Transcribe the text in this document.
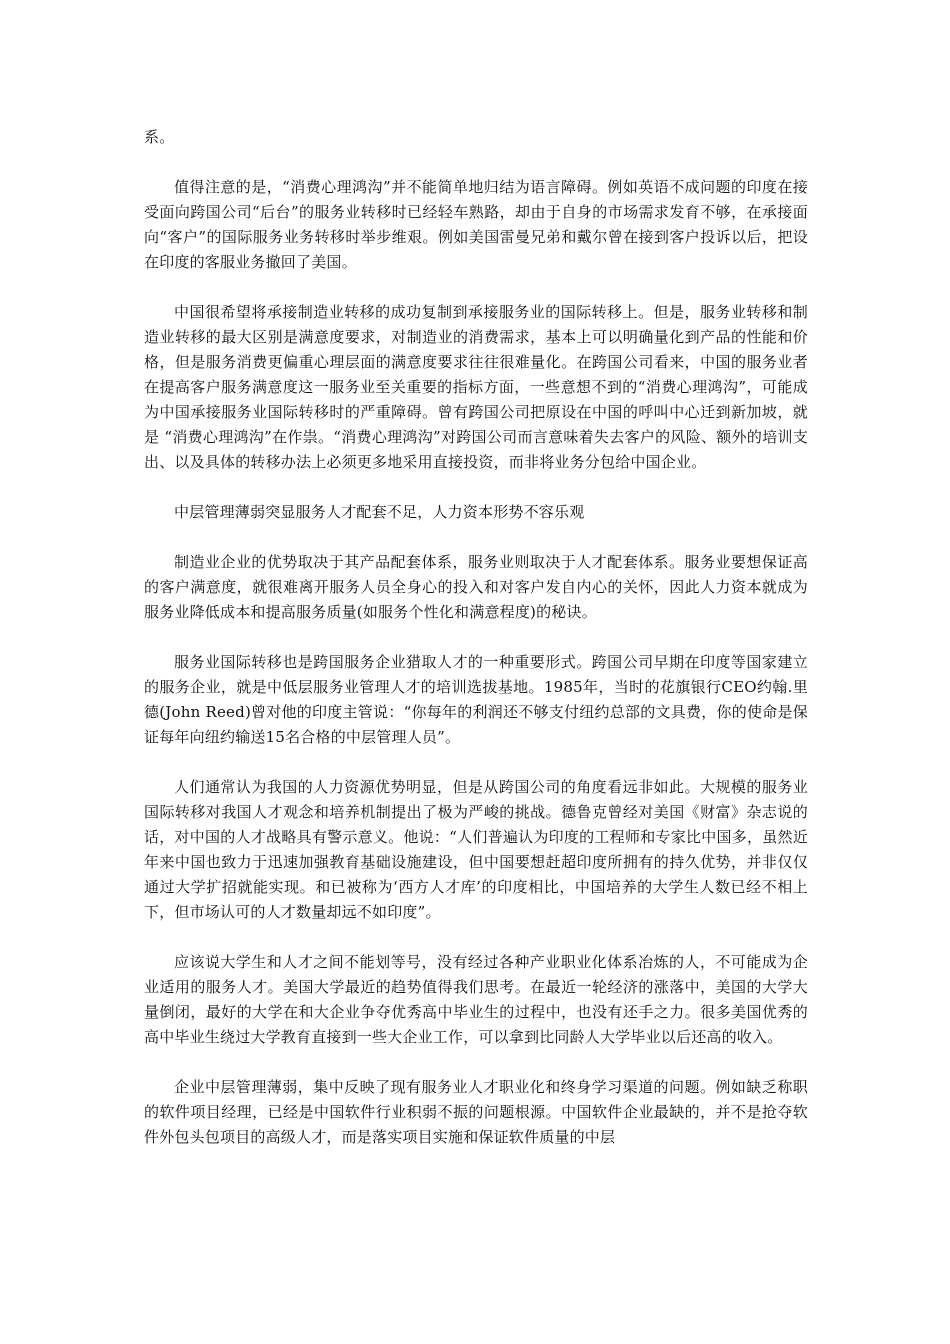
系。

值得注意的是，“消费心理鸿沟”并不能简单地归结为语言障碍。例如英语不成问题的印度在接受面向跨国公司“后台”的服务业转移时已经轻车熟路，却由于自身的市场需求发育不够，在承接面向“客户”的国际服务业务转移时举步维艰。例如美国雷曼兄弟和戴尔曾在接到客户投诉以后，把设在印度的客服业务撤回了美国。

中国很希望将承接制造业转移的成功复制到承接服务业的国际转移上。但是，服务业转移和制造业转移的最大区别是满意度要求，对制造业的消费需求，基本上可以明确量化到产品的性能和价格，但是服务消费更偏重心理层面的满意度要求往往很难量化。在跨国公司看来，中国的服务业者在提高客户服务满意度这一服务业至关重要的指标方面，一些意想不到的“消费心理鸿沟”，可能成为中国承接服务业国际转移时的严重障碍。曾有跨国公司把原设在中国的呼叫中心迁到新加坡，就是 “消费心理鸿沟”在作祟。“消费心理鸿沟”对跨国公司而言意味着失去客户的风险、额外的培训支出、以及具体的转移办法上必须更多地采用直接投资，而非将业务分包给中国企业。

中层管理薄弱突显服务人才配套不足，人力资本形势不容乐观

制造业企业的优势取决于其产品配套体系，服务业则取决于人才配套体系。服务业要想保证高的客户满意度，就很难离开服务人员全身心的投入和对客户发自内心的关怀，因此人力资本就成为服务业降低成本和提高服务质量(如服务个性化和满意程度)的秘诀。

服务业国际转移也是跨国服务企业猎取人才的一种重要形式。跨国公司早期在印度等国家建立的服务企业，就是中低层服务业管理人才的培训选拔基地。1985年，当时的花旗银行CEO约翰.里德(John Reed)曾对他的印度主管说：“你每年的利润还不够支付纽约总部的文具费，你的使命是保证每年向纽约输送15名合格的中层管理人员”。

人们通常认为我国的人力资源优势明显，但是从跨国公司的角度看远非如此。大规模的服务业国际转移对我国人才观念和培养机制提出了极为严峻的挑战。德鲁克曾经对美国《财富》杂志说的话，对中国的人才战略具有警示意义。他说：“人们普遍认为印度的工程师和专家比中国多，虽然近年来中国也致力于迅速加强教育基础设施建设，但中国要想赶超印度所拥有的持久优势，并非仅仅通过大学扩招就能实现。和已被称为‘西方人才库’的印度相比，中国培养的大学生人数已经不相上下，但市场认可的人才数量却远不如印度”。

应该说大学生和人才之间不能划等号，没有经过各种产业职业化体系冶炼的人，不可能成为企业适用的服务人才。美国大学最近的趋势值得我们思考。在最近一轮经济的涨落中，美国的大学大量倒闭，最好的大学在和大企业争夺优秀高中毕业生的过程中，也没有还手之力。很多美国优秀的高中毕业生绕过大学教育直接到一些大企业工作，可以拿到比同龄人大学毕业以后还高的收入。

企业中层管理薄弱，集中反映了现有服务业人才职业化和终身学习渠道的问题。例如缺乏称职的软件项目经理，已经是中国软件行业积弱不振的问题根源。中国软件企业最缺的，并不是抢夺软件外包头包项目的高级人才，而是落实项目实施和保证软件质量的中层
